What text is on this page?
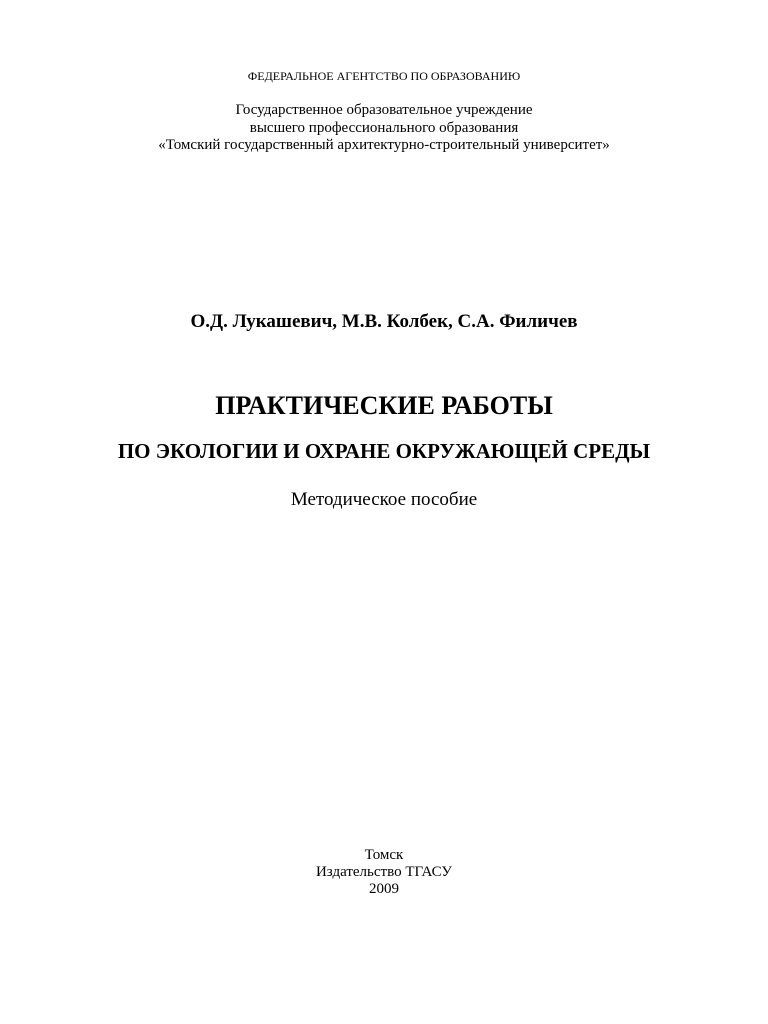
ФЕДЕРАЛЬНОЕ АГЕНТСТВО ПО ОБРАЗОВАНИЮ
Государственное образовательное учреждение
высшего профессионального образования
«Томский государственный архитектурно-строительный университет»
О.Д. Лукашевич, М.В. Колбек, С.А. Филичев
ПРАКТИЧЕСКИЕ РАБОТЫ
ПО ЭКОЛОГИИ И ОХРАНЕ ОКРУЖАЮЩЕЙ СРЕДЫ
Методическое пособие
Томск
Издательство ТГАСУ
2009
